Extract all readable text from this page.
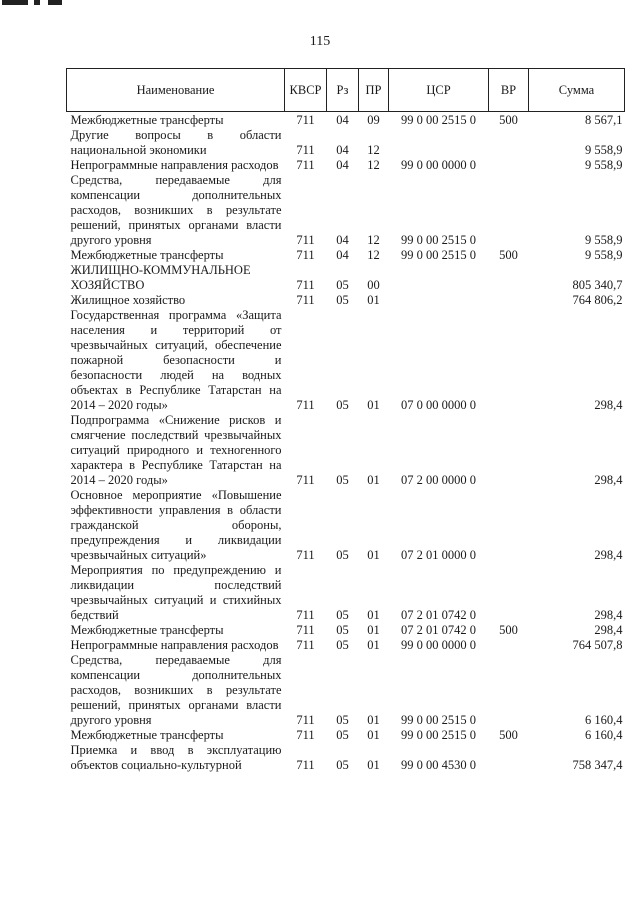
115
Наименование	КВСР	Рз	ПР	ЦСР	ВР	Сумма
Межбюджетные трансферты	711	04	09	99 0 00 2515 0	500	8 567,1
Другие вопросы в области национальной экономики	711	04	12			9 558,9
Непрограммные направления расходов	711	04	12	99 0 00 0000 0		9 558,9
Средства, передаваемые для компенсации дополнительных расходов, возникших в результате решений, принятых органами власти другого уровня	711	04	12	99 0 00 2515 0		9 558,9
Межбюджетные трансферты	711	04	12	99 0 00 2515 0	500	9 558,9
ЖИЛИЩНО-КОММУНАЛЬНОЕ ХОЗЯЙСТВО	711	05	00			805 340,7
Жилищное хозяйство	711	05	01			764 806,2
Государственная программа «Защита населения и территорий от чрезвычайных ситуаций, обеспечение пожарной безопасности и безопасности людей на водных объектах в Республике Татарстан на 2014 – 2020 годы»	711	05	01	07 0 00 0000 0		298,4
Подпрограмма «Снижение рисков и смягчение последствий чрезвычайных ситуаций природного и техногенного характера в Республике Татарстан на 2014 – 2020 годы»	711	05	01	07 2 00 0000 0		298,4
Основное мероприятие «Повышение эффективности управления в области гражданской обороны, предупреждения и ликвидации чрезвычайных ситуаций»	711	05	01	07 2 01 0000 0		298,4
Мероприятия по предупреждению и ликвидации последствий чрезвычайных ситуаций и стихийных бедствий	711	05	01	07 2 01 0742 0		298,4
Межбюджетные трансферты	711	05	01	07 2 01 0742 0	500	298,4
Непрограммные направления расходов	711	05	01	99 0 00 0000 0		764 507,8
Средства, передаваемые для компенсации дополнительных расходов, возникших в результате решений, принятых органами власти другого уровня	711	05	01	99 0 00 2515 0		6 160,4
Межбюджетные трансферты	711	05	01	99 0 00 2515 0	500	6 160,4
Приемка и ввод в эксплуатацию объектов социально-культурной	711	05	01	99 0 00 4530 0		758 347,4
